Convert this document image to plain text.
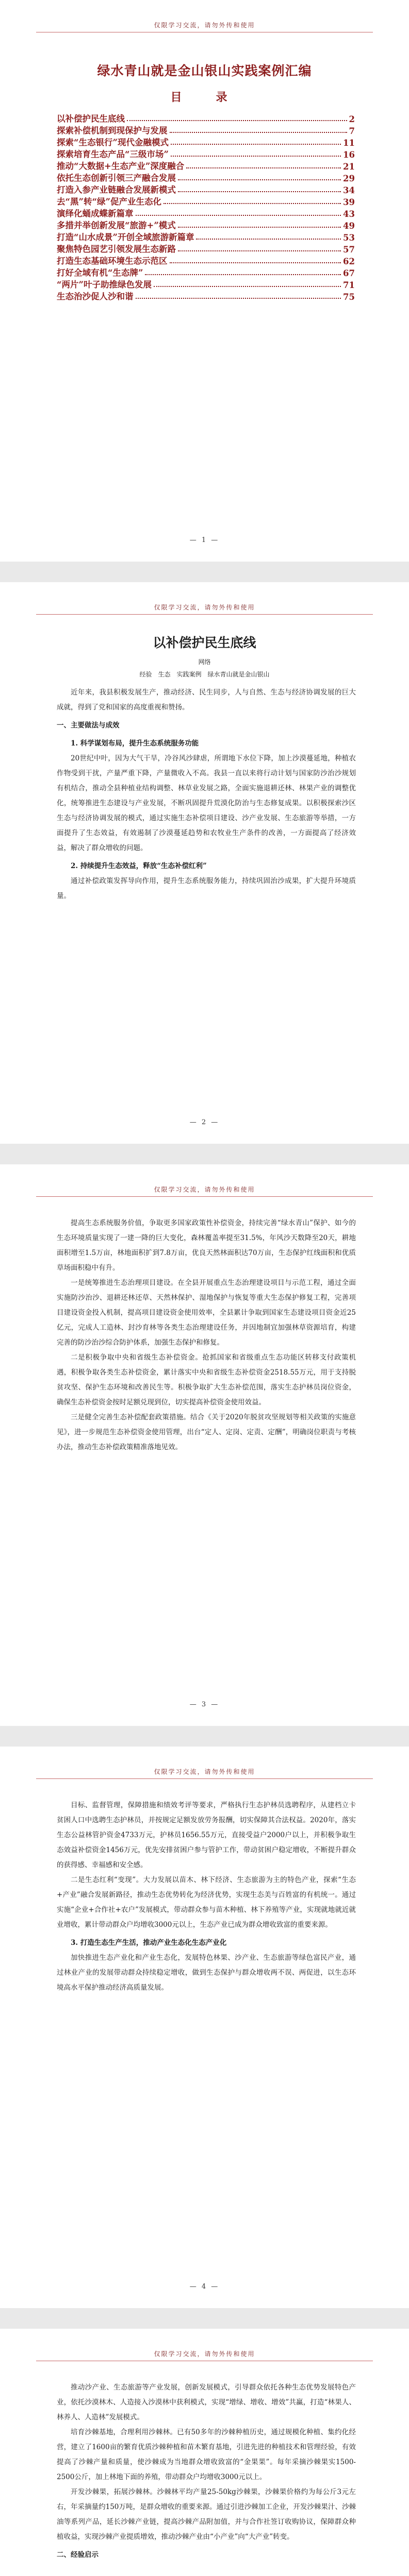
仅限学习交流，请勿外传和使用
绿水青山就是金山银山实践案例汇编
目　录
以补偿护民生底线	2
探索补偿机制到现保护与发展	7
探索“生态银行”现代金融模式	11
探索培育生态产品“三级市场”	16
推动“大数据+生态产业”深度融合	21
依托生态创新引领三产融合发展	29
打造入参产业链融合发展新模式	34
去“黑”转“绿”促产业生态化	39
演绎化蛹成蝶新篇章	43
多措并举创新发展“旅游+”模式	49
打造“山水成景”开创全域旅游新篇章	53
聚焦特色园艺引领发展生态新路	57
打造生态基础环境生态示范区	62
打好全域有机“生态牌”	67
“两片”叶子助推绿色发展	71
生态治沙促人沙和谐	75
— 1 —
仅限学习交流，请勿外传和使用
以补偿护民生底线
网络
经验　生态　实践案例　绿水青山就是金山银山

近年来，我县积极发展生产，推动经济、民生同步，人与自然、生态与经济协调发展的巨大成就，得到了党和国家的高度重视和赞扬。

一、主要做法与成效

1. 科学谋划布局，提升生态系统服务功能

20世纪中叶，因为大气干旱，冷谷风沙肆虐，所谓地下水位下降，加上沙漠蔓延地，种植农作物受到干扰，产量严重下降，产量微收入不高。我县一直以来将行动计划与国家防沙治沙规划有机结合，推动全县种植业结构调整、林草业发展之路，全面实施退耕还林、林果产业的调整优化，统筹推进生态建设与产业发展，不断巩固提升荒漠化防治与生态修复成果。以积极探索沙区生态与经济协调发展的模式，通过实施生态补偿项目建设、沙产业发展、生态旅游等举措，一方面提升了生态效益，有效遏制了沙漠蔓延趋势和农牧业生产条件的改善，一方面提高了经济效益，解决了群众增收的问题。

2. 持续提升生态效益，释放“生态补偿红利”

通过补偿政策发挥导向作用，提升生态系统服务能力，持续巩固治沙成果，扩大提升环境质量。

— 2 —
仅限学习交流，请勿外传和使用

提高生态系统服务价值，争取更多国家政策性补偿资金，持续完善“绿水青山”保护、如今的生态环境质量实现了一建一降的巨大变化，森林覆盖率提至31.5%，年风沙天数降至20天，耕地面积增至1.5万亩，林地面积扩到7.8万亩，优良天然林面积达70万亩，生态保护红线面积和优质草场面积稳中有升。

一是统筹推进生态治理项目建设。在全县开展重点生态治理建设项目与示范工程，通过全面实施防沙治沙、退耕还林还草、天然林保护、湿地保护与恢复等重大生态保护修复工程，完善项目建设资金投入机制，提高项目建设资金使用效率，全县累计争取到国家生态建设项目资金近25亿元，完成人工造林、封沙育林等各类生态治理建设任务，并因地制宜加强林草资源培育，构建完善的防沙治沙综合防护体系，加强生态保护和修复。

二是积极争取中央和省级生态补偿资金。抢抓国家和省级重点生态功能区转移支付政策机遇，积极争取各类生态补偿资金，累计落实中央和省级生态补偿资金2518.55万元，用于支持脱贫攻坚、保护生态环境和改善民生等。积极争取扩大生态补偿范围，落实生态护林员岗位资金，确保生态补偿资金按时足额兑现到位，切实提高补偿资金使用效益。

三是健全完善生态补偿配套政策措施。结合《关于2020年脱贫攻坚规划等相关政策的实施意见》，进一步规范生态补偿资金使用管理，出台“定人、定岗、定责、定酬”，明确岗位职责与考核办法，推动生态补偿政策精准落地见效。

— 3 —
仅限学习交流，请勿外传和使用

目标、监督管理，保障措施和绩效考评等要求，严格执行生态护林员选聘程序，从建档立卡贫困人口中选聘生态护林员，并按规定足额发放劳务报酬，切实保障其合法权益。2020年，落实生态公益林管护资金4733万元，护林员1656.55万元，直接受益户2000户以上，并积极争取生态效益补偿资金1456万元，优先安排贫困户参与管护工作，带动贫困户稳定增收，不断提升群众的获得感、幸福感和安全感。

二是生态红利“变现”。大力发展以苗木、林下经济、生态旅游为主的特色产业，探索“生态+产业”融合发展新路径，推动生态优势转化为经济优势，实现生态美与百姓富的有机统一。通过实施“企业+合作社+农户”发展模式，带动群众参与苗木种植、林下养殖等产业，实现就地就近就业增收，累计带动群众户均增收3000元以上，生态产业已成为群众增收致富的重要来源。

3. 打造生态生产生活，推动产业生态化生态产业化

加快推进生态产业化和产业生态化，发展特色林果、沙产业、生态旅游等绿色富民产业，通过林业产业的发展带动群众持续稳定增收，做到生态保护与群众增收两不误、两促进，以生态环境高水平保护推动经济高质量发展。

— 4 —
仅限学习交流，请勿外传和使用

推动沙产业、生态旅游等产业发展，创新发展模式，引导群众依托各种生态优势发展特色产业，依托沙漠林木、人造接入沙漠林中获利模式，实现“增绿、增收、增效”共赢，打造“林果人、林养人、人造林”发展模式。

培育沙棘基地，合理利用沙棘林。已有50多年的沙棘种植历史，通过规模化种植、集约化经营，建立了1600亩的繁育优质沙棘种植和苗木繁育基地，引进先进的种植技术和管理经验，有效提高了沙棘产量和质量，使沙棘成为当地群众增收致富的“金果果”。每年采摘沙棘果实1500-2500公斤，加上林地下面的养殖，带动群众户均增收3000元以上。

开发沙棘果，拓展沙棘林。沙棘林平均产量25-50kg沙棘果，沙棘果价格约为每公斤3元左右，年采摘量约150万吨，是群众增收的重要来源。通过引进沙棘加工企业，开发沙棘果汁、沙棘油等系列产品，延长沙棘产业链，提高沙棘产品附加值，并与合作社签订收购协议，保障群众种植收益，实现沙棘产业提质增效，推动沙棘产业由“小产业”向“大产业”转变。

二、经验启示
